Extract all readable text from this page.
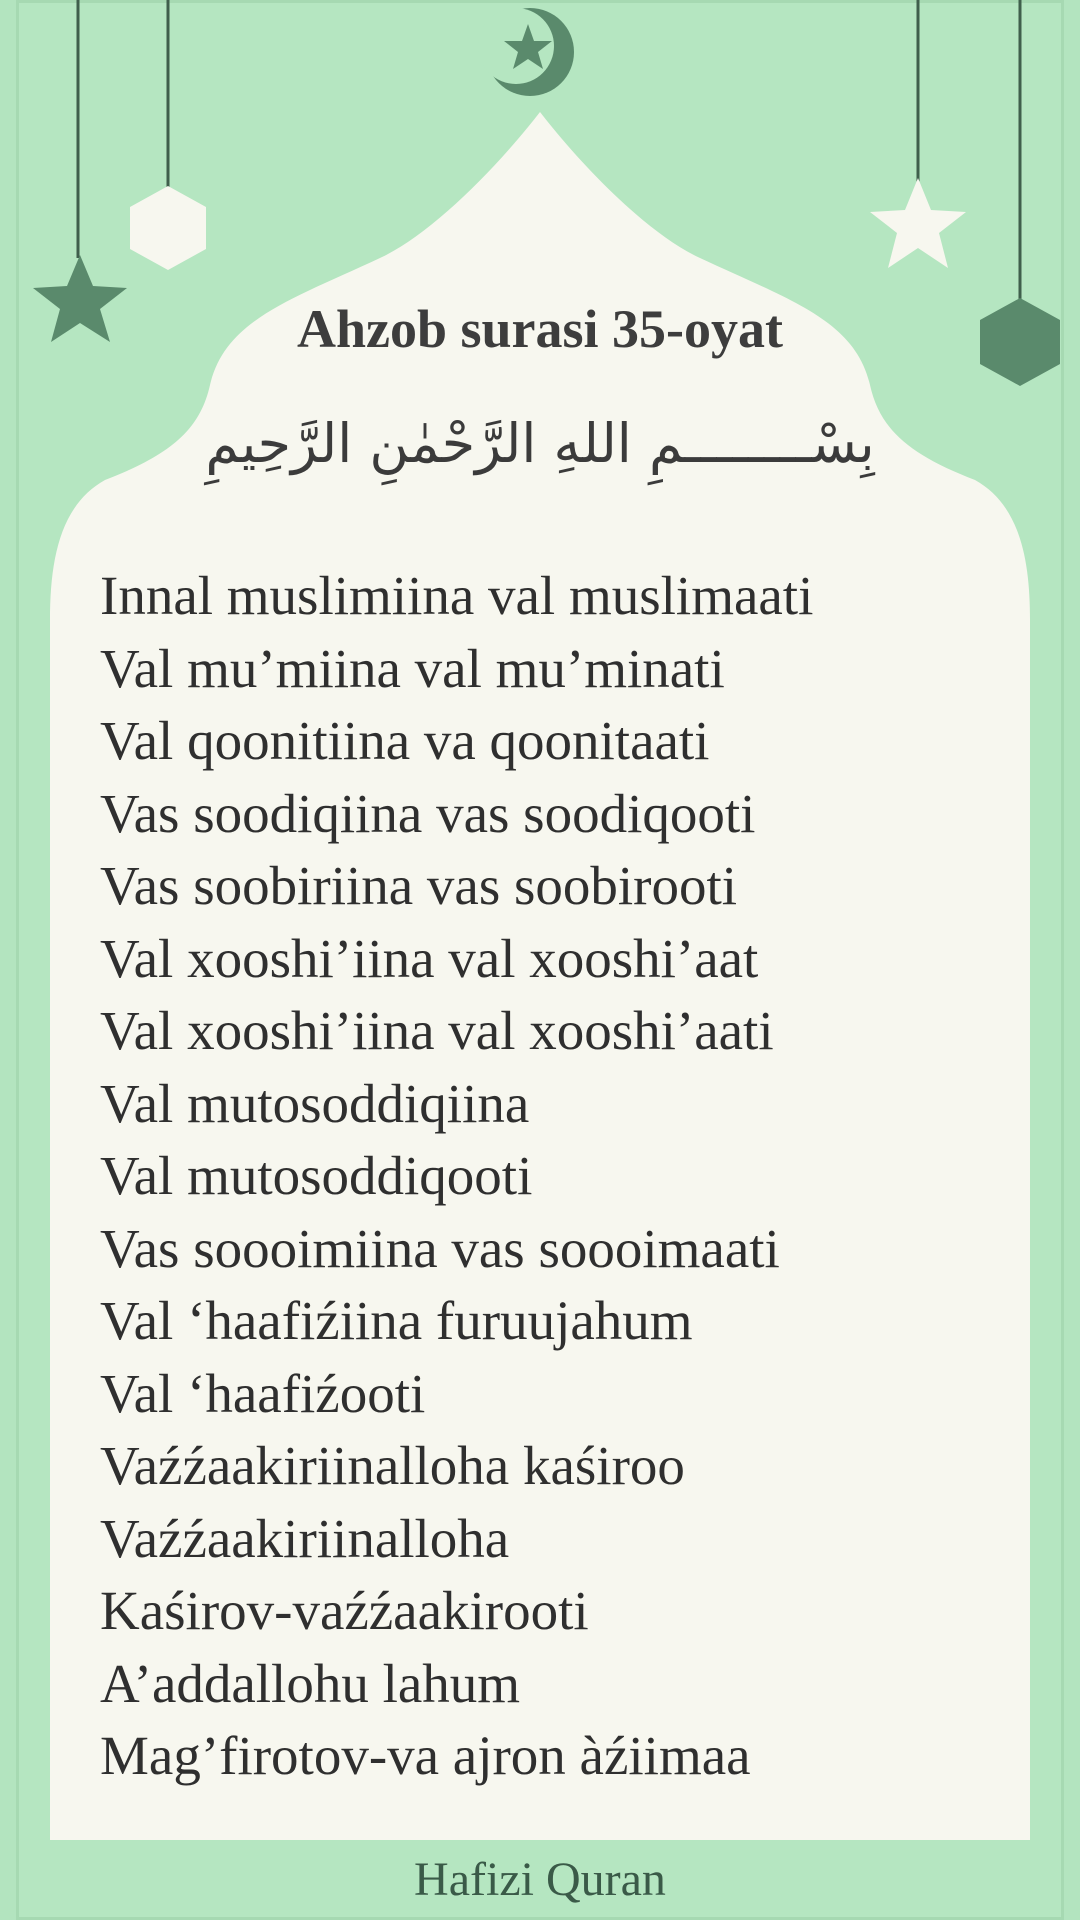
Ahzob surasi 35-oyat

بِسْــــــــمِ اللهِ الرَّحْمٰنِ الرَّحِيمِ

Innal muslimiina val muslimaati
Val mu’miina val mu’minati
Val qoonitiina va qoonitaati
Vas soodiqiina vas soodiqooti
Vas soobiriina vas soobirooti
Val xooshi’iina val xooshi’aat
Val xooshi’iina val xooshi’aati
Val mutosoddiqiina
Val mutosoddiqooti
Vas soooimiina vas soooimaati
Val ‘haafiźiina furuujahum
Val ‘haafiźooti
Vaźźaakiriinalloha kaśiroo
Vaźźaakiriinalloha
Kaśirov-vaźźaakirooti
A’addallohu lahum
Mag’firotov-va ajron àźiimaa

Hafizi Quran
